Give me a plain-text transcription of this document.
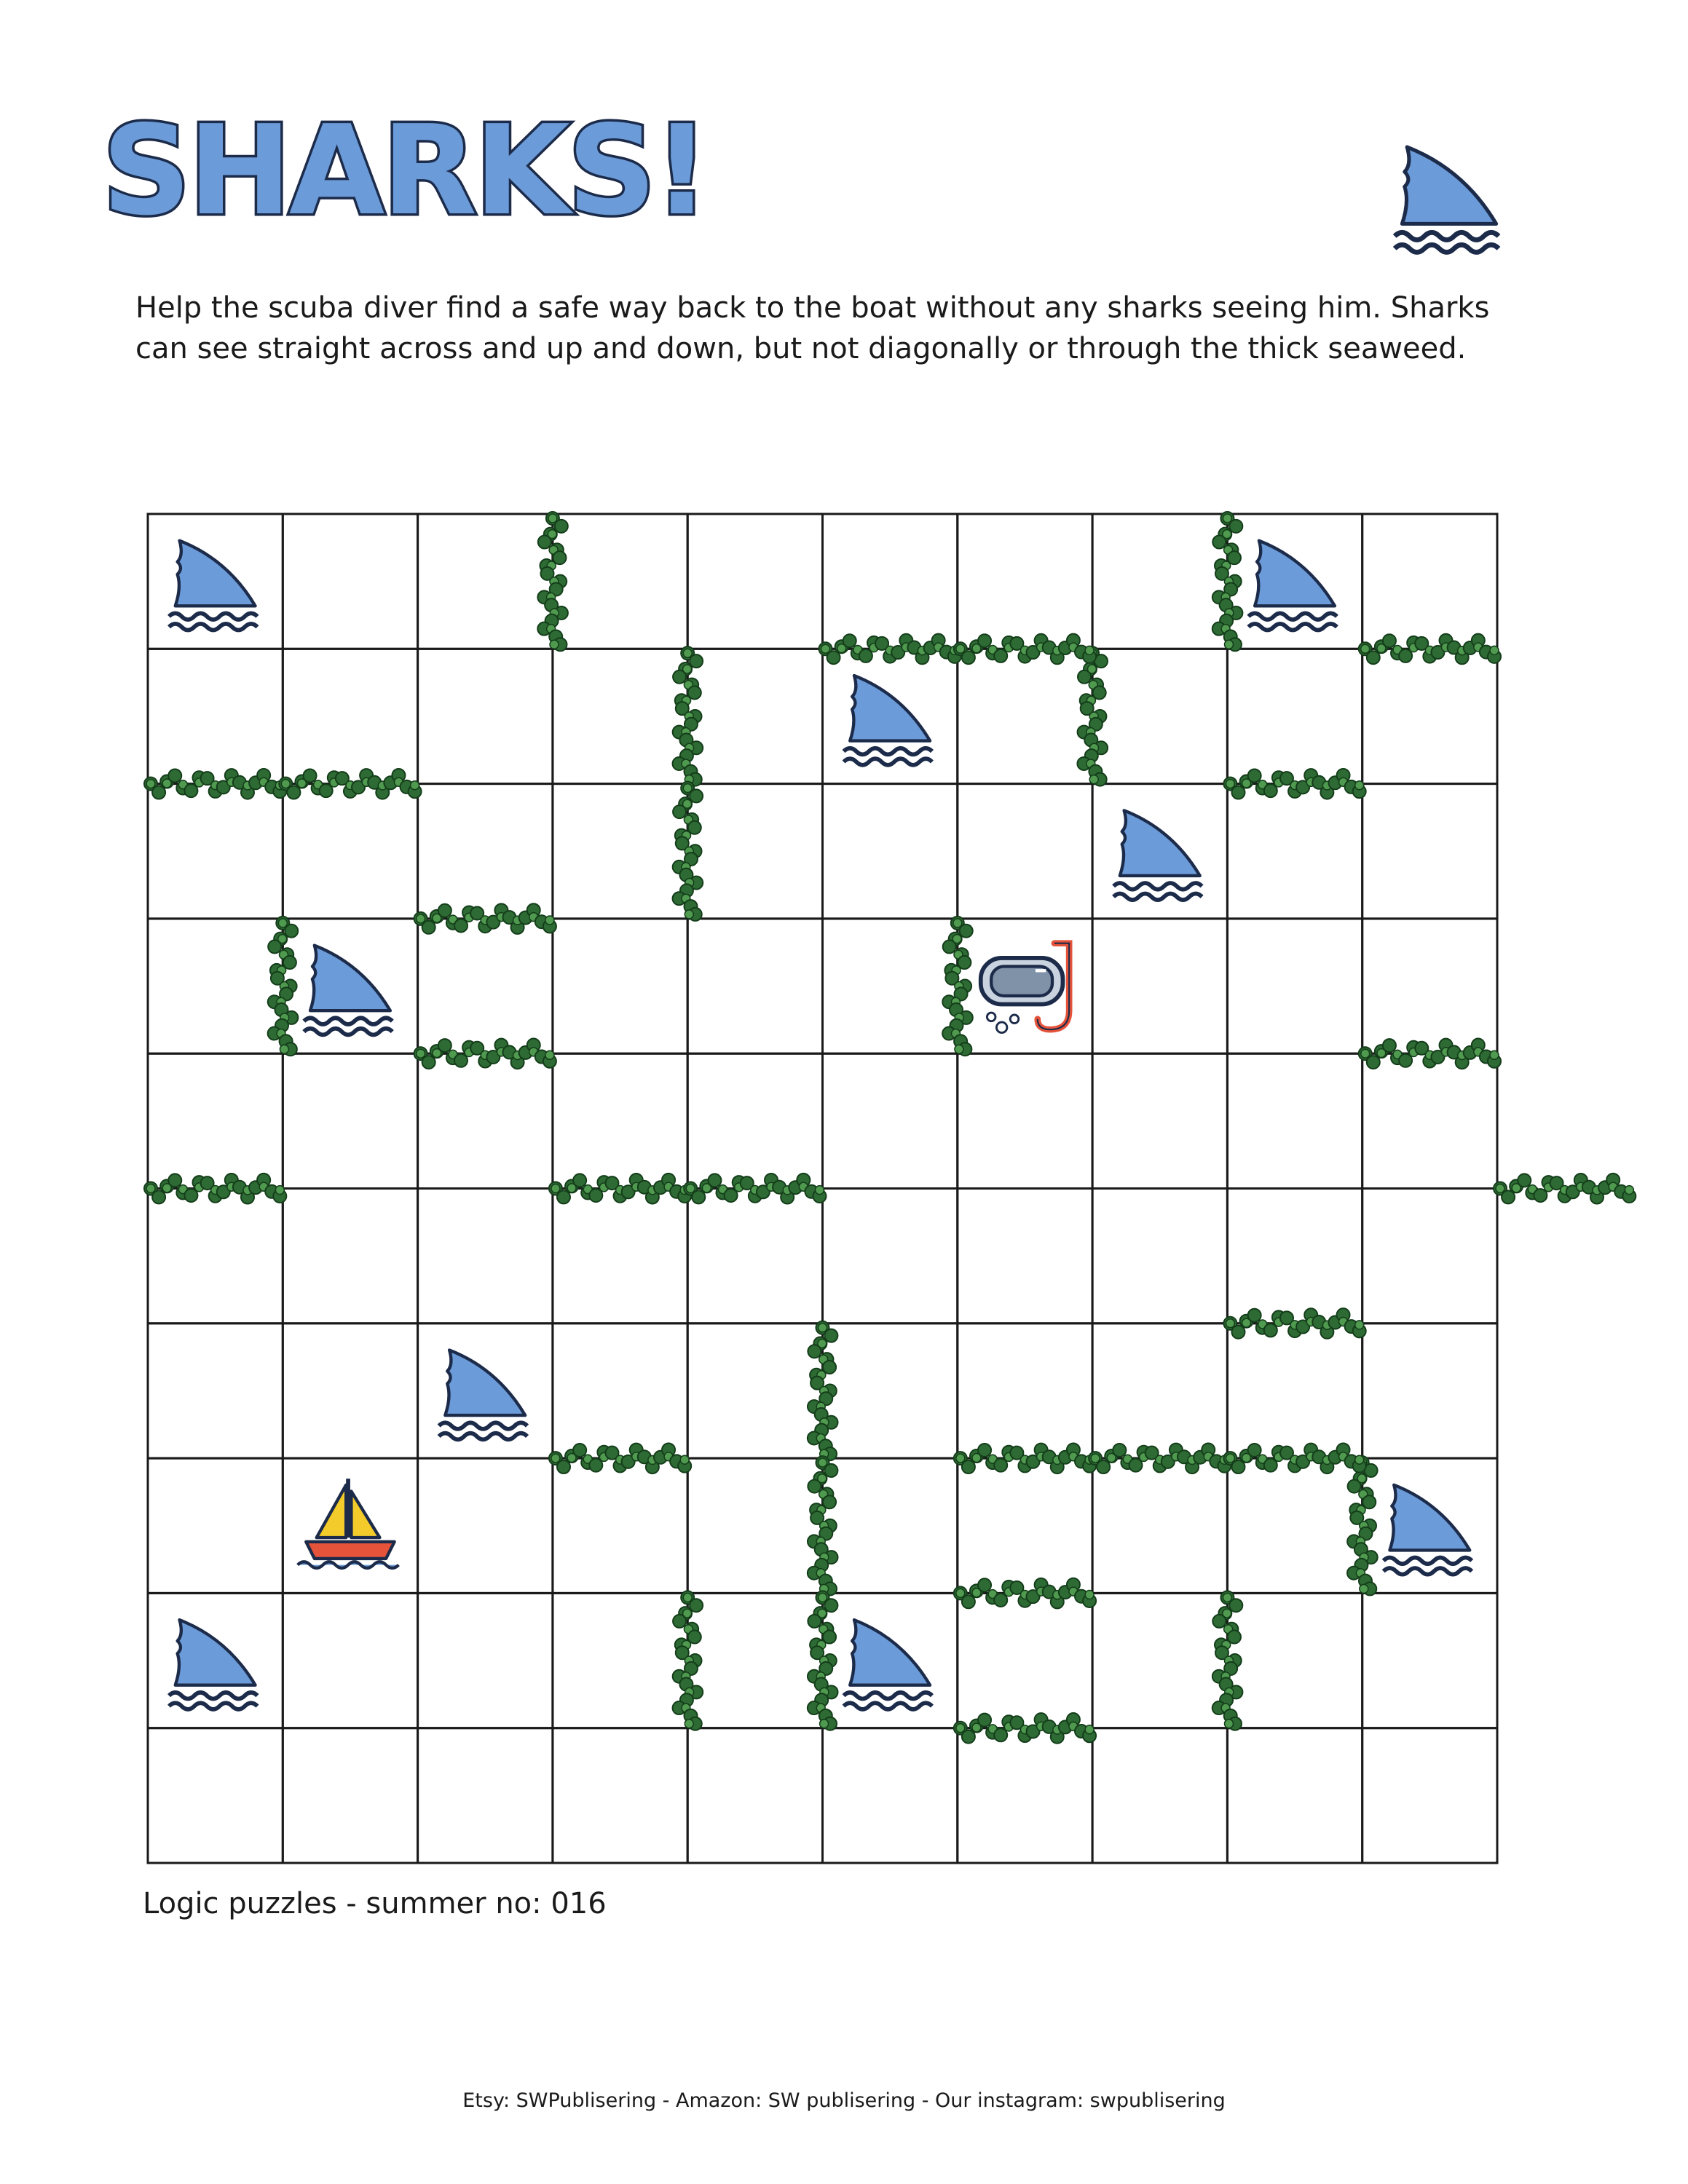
SHARKS!
Help the scuba diver find a safe way back to the boat without any sharks seeing him. Sharks can see straight across and up and down, but not diagonally or through the thick seaweed.
Logic puzzles - summer no: 016
Etsy: SWPublisering - Amazon: SW publisering - Our instagram: swpublisering
